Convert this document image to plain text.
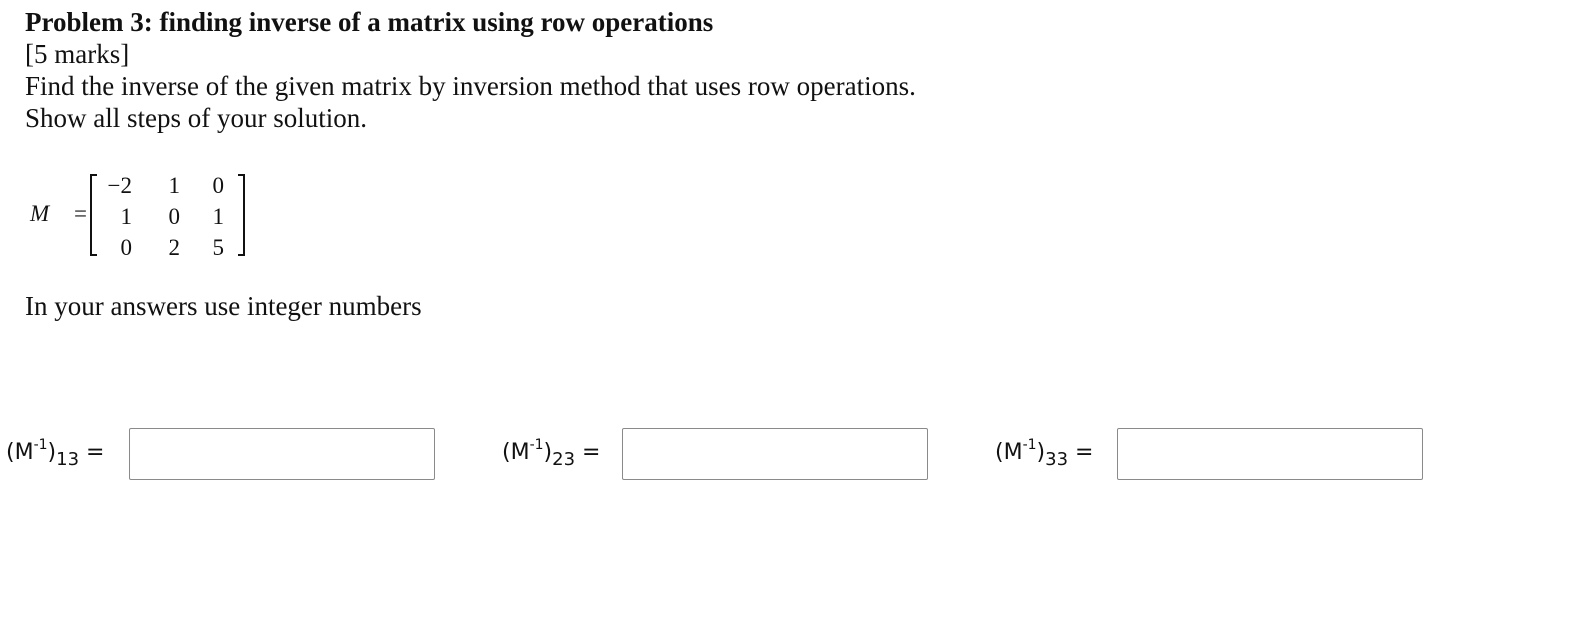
Problem 3: finding inverse of a matrix using row operations
[5 marks]
Find the inverse of the given matrix by inversion method that uses row operations.
Show all steps of your solution.
M =
−2	1	0
1	0	1
0	2	5
In your answers use integer numbers
$(M^{-1})_{13}$ =	$(M^{-1})_{23}$ =	$(M^{-1})_{33}$ =
